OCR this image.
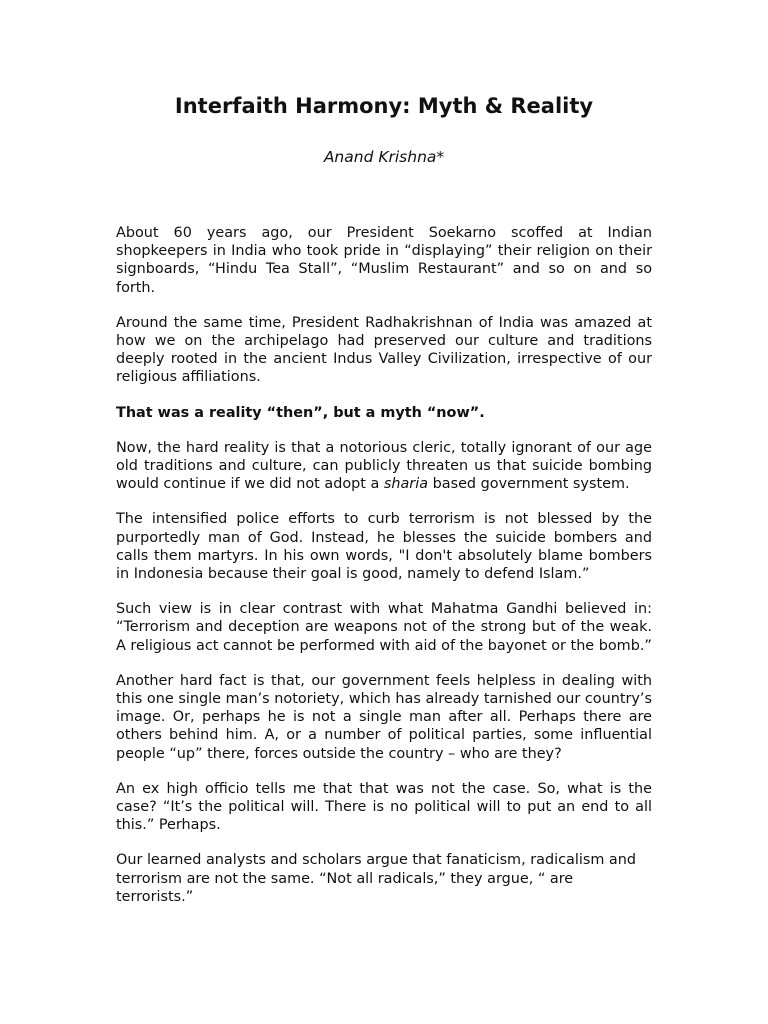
Interfaith Harmony: Myth & Reality
Anand Krishna*

About 60 years ago, our President Soekarno scoffed at Indian shopkeepers in India who took pride in “displaying” their religion on their signboards, “Hindu Tea Stall”, “Muslim Restaurant” and so on and so forth.

Around the same time, President Radhakrishnan of India was amazed at how we on the archipelago had preserved our culture and traditions deeply rooted in the ancient Indus Valley Civilization, irrespective of our religious affiliations.

That was a reality “then”, but a myth “now”.

Now, the hard reality is that a notorious cleric, totally ignorant of our age old traditions and culture, can publicly threaten us that suicide bombing would continue if we did not adopt a sharia based government system.

The intensified police efforts to curb terrorism is not blessed by the purportedly man of God. Instead, he blesses the suicide bombers and calls them martyrs. In his own words, "I don't absolutely blame bombers in Indonesia because their goal is good, namely to defend Islam.”

Such view is in clear contrast with what Mahatma Gandhi believed in: “Terrorism and deception are weapons not of the strong but of the weak. A religious act cannot be performed with aid of the bayonet or the bomb.”

Another hard fact is that, our government feels helpless in dealing with this one single man’s notoriety, which has already tarnished our country’s image. Or, perhaps he is not a single man after all. Perhaps there are others behind him. A, or a number of political parties, some influential people “up” there, forces outside the country – who are they?

An ex high officio tells me that that was not the case. So, what is the case? “It’s the political will. There is no political will to put an end to all this.” Perhaps.

Our learned analysts and scholars argue that fanaticism, radicalism and terrorism are not the same. “Not all radicals,” they argue, “ are terrorists.”
